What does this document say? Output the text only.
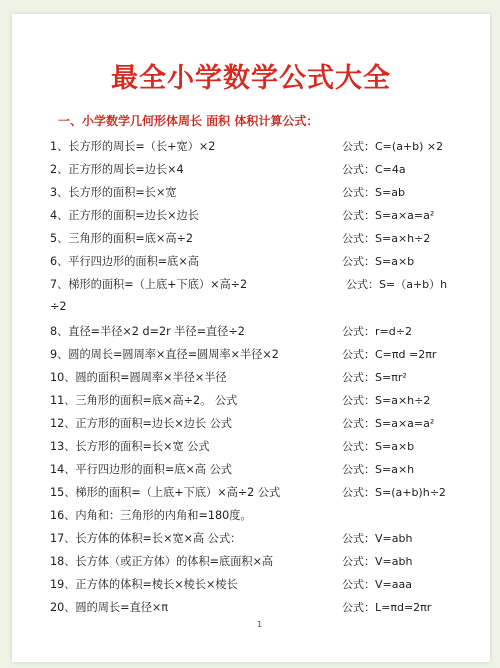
最全小学数学公式大全
一、小学数学几何形体周长 面积 体积计算公式：
1、长方形的周长=（长+宽）×2	公式：C=(a+b) ×2
2、正方形的周长=边长×4	公式：C=4a
3、长方形的面积=长×宽	公式：S=ab
4、正方形的面积=边长×边长	公式：S=a×a=a²
5、三角形的面积=底×高÷2	公式：S=a×h÷2
6、平行四边形的面积=底×高	公式：S=a×b
7、梯形的面积=（上底+下底）×高÷2	公式：S=（a+b）h
÷2
8、直径=半径×2 d=2r 半径=直径÷2	公式：r=d÷2
9、圆的周长=圆周率×直径=圆周率×半径×2	公式：C=πd =2πr
10、圆的面积=圆周率×半径×半径	公式：S=πr²
11、三角形的面积=底×高÷2。 公式	公式：S=a×h÷2
12、正方形的面积=边长×边长 公式	公式：S=a×a=a²
13、长方形的面积=长×宽 公式	公式：S=a×b
14、平行四边形的面积=底×高 公式	公式：S=a×h
15、梯形的面积=（上底+下底）×高÷2 公式	公式：S=(a+b)h÷2
16、内角和：三角形的内角和=180度。
17、长方体的体积=长×宽×高 公式：	公式：V=abh
18、长方体（或正方体）的体积=底面积×高	公式：V=abh
19、正方体的体积=棱长×棱长×棱长	公式：V=aaa
20、圆的周长=直径×π	公式：L=πd=2πr
1
